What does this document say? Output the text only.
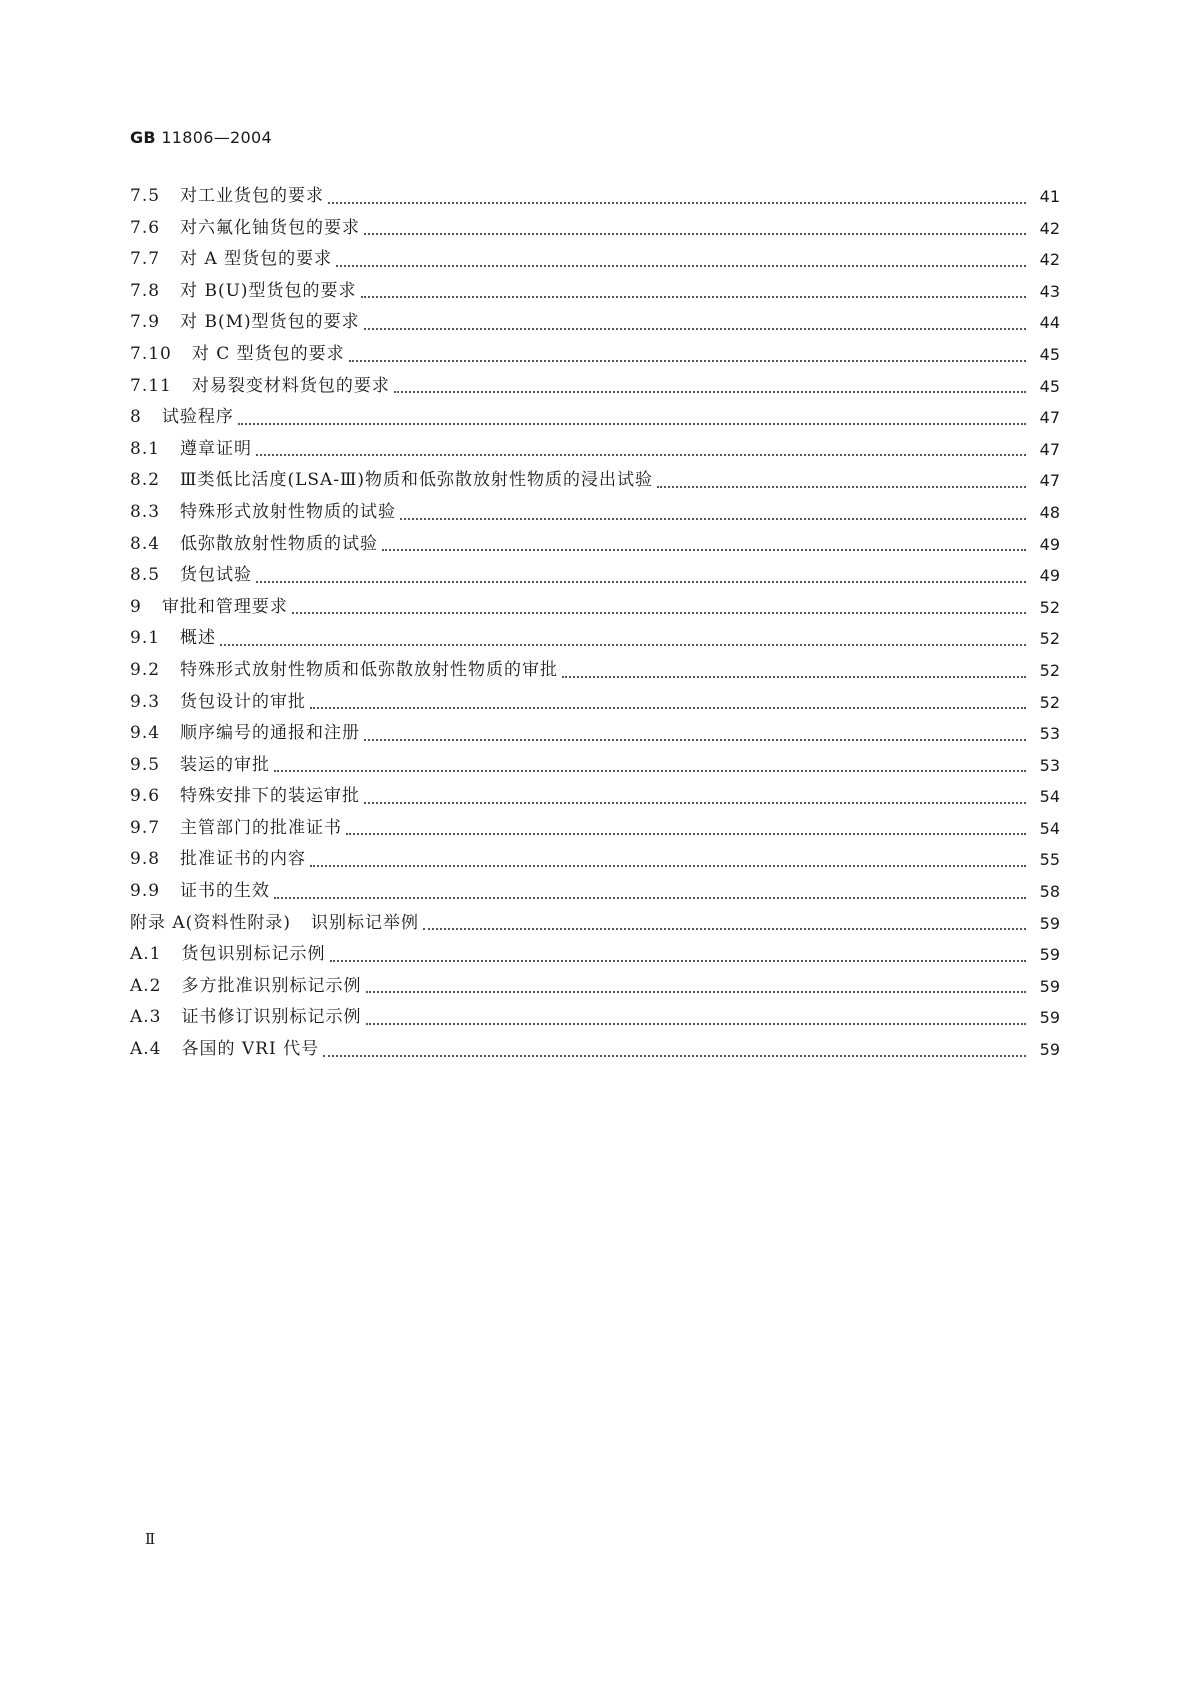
GB 11806—2004
7.5	对工业货包的要求	41
7.6	对六氟化铀货包的要求	42
7.7	对 A 型货包的要求	42
7.8	对 B(U)型货包的要求	43
7.9	对 B(M)型货包的要求	44
7.10	对 C 型货包的要求	45
7.11	对易裂变材料货包的要求	45
8	试验程序	47
8.1	遵章证明	47
8.2	Ⅲ类低比活度(LSA-Ⅲ)物质和低弥散放射性物质的浸出试验	47
8.3	特殊形式放射性物质的试验	48
8.4	低弥散放射性物质的试验	49
8.5	货包试验	49
9	审批和管理要求	52
9.1	概述	52
9.2	特殊形式放射性物质和低弥散放射性物质的审批	52
9.3	货包设计的审批	52
9.4	顺序编号的通报和注册	53
9.5	装运的审批	53
9.6	特殊安排下的装运审批	54
9.7	主管部门的批准证书	54
9.8	批准证书的内容	55
9.9	证书的生效	58
附录 A(资料性附录)	识别标记举例	59
A.1	货包识别标记示例	59
A.2	多方批准识别标记示例	59
A.3	证书修订识别标记示例	59
A.4	各国的 VRI 代号	59
Ⅱ
